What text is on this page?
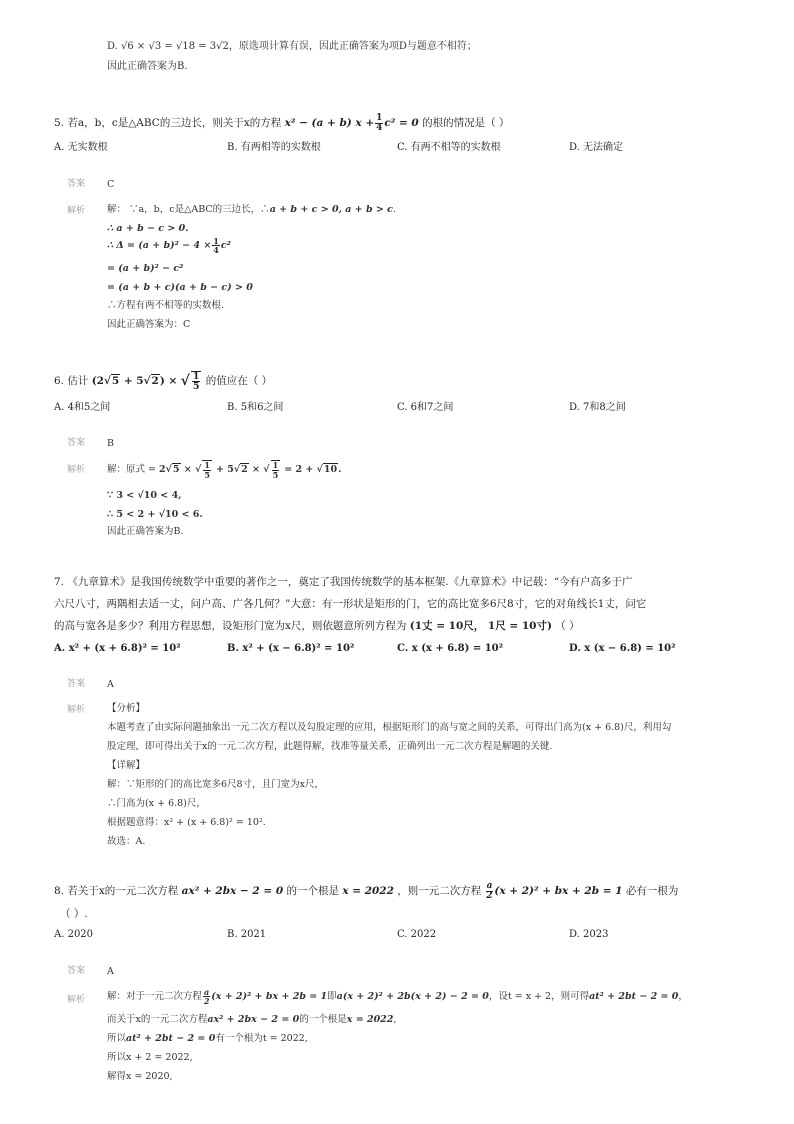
D. √6 × √3 = √18 = 3√2，原选项计算有误，因此正确答案为项D与题意不相符；
因此正确答案为B.
5. 若a，b，c是△ABC的三边长，则关于x的方程 x² − (a + b) $x + \frac{1}{4} c^2 = 0$ 的根的情况是（ ）
A. 无实数根	B. 有两相等的实数根	C. 有两不相等的实数根	D. 无法确定
答案 C
解析 解： ∵a，b，c是△ABC的三边长，∴a + b + c > 0, a + b > c.
∴ a + b − c > 0.
∴ $\Delta = (a + b)^2 - 4 \times \frac{1}{4} c^2$
= (a + b)² − c²
= (a + b + c)(a + b − c) > 0
∴方程有两不相等的实数根.
因此正确答案为：C
6. 估计 (2√5 + 5√2) × √ $\frac{1}{5}$ 的值应在（ ）
A. 4和5之间	B. 5和6之间	C. 6和7之间	D. 7和8之间
答案 B
解析 解：原式 = 2√5 × √ $\frac{1}{5} + 5√2$ × √ $\frac{1}{5} = 2 + √10$.
∵ 3 < √10 < 4,
∴ 5 < 2 + √10 < 6.
因此正确答案为B.
7. 《九章算术》是我国传统数学中重要的著作之一，奠定了我国传统数学的基本框架.《九章算术》中记载：“今有户高多于广
六尺八寸，两隅相去适一丈，问户高、广各几何？”大意：有一形状是矩形的门，它的高比宽多6尺8寸，它的对角线长1丈，问它
的高与宽各是多少？利用方程思想，设矩形门宽为x尺，则依题意所列方程为 (1丈 = 10尺， 1尺 = 10寸) （ ）
A. x² + (x + 6.8)² = 10²	B. x² + (x − 6.8)² = 10²	C. x (x + 6.8) = 10²	D. x (x − 6.8) = 10²
答案 A
解析 【分析】
本题考查了由实际问题抽象出一元二次方程以及勾股定理的应用，根据矩形门的高与宽之间的关系，可得出门高为(x + 6.8)尺，利用勾
股定理，即可得出关于x的一元二次方程，此题得解，找准等量关系，正确列出一元二次方程是解题的关键.
【详解】
解：∵矩形的门的高比宽多6尺8寸，且门宽为x尺，
∴门高为(x + 6.8)尺，
根据题意得：x² + (x + 6.8)² = 10².
故选：A.
8. 若关于x的一元二次方程 ax² + 2bx − 2 = 0 的一个根是 x = 2022 ，则一元二次方程 $\frac{a}{2} (x + 2)^2$ + bx + 2b = 1 必有一根为
（ ）.
A. 2020	B. 2021	C. 2022	D. 2023
答案 A
解析 解：对于一元二次方程 $\frac{a}{2} (x + 2)^2$ + bx + 2b = 1即a(x + 2)² + 2b(x + 2) − 2 = 0，设t = x + 2，则可得at² + 2bt − 2 = 0，
而关于x的一元二次方程ax² + 2bx − 2 = 0的一个根是x = 2022,
所以at² + 2bt − 2 = 0有一个根为t = 2022,
所以x + 2 = 2022,
解得x = 2020,
